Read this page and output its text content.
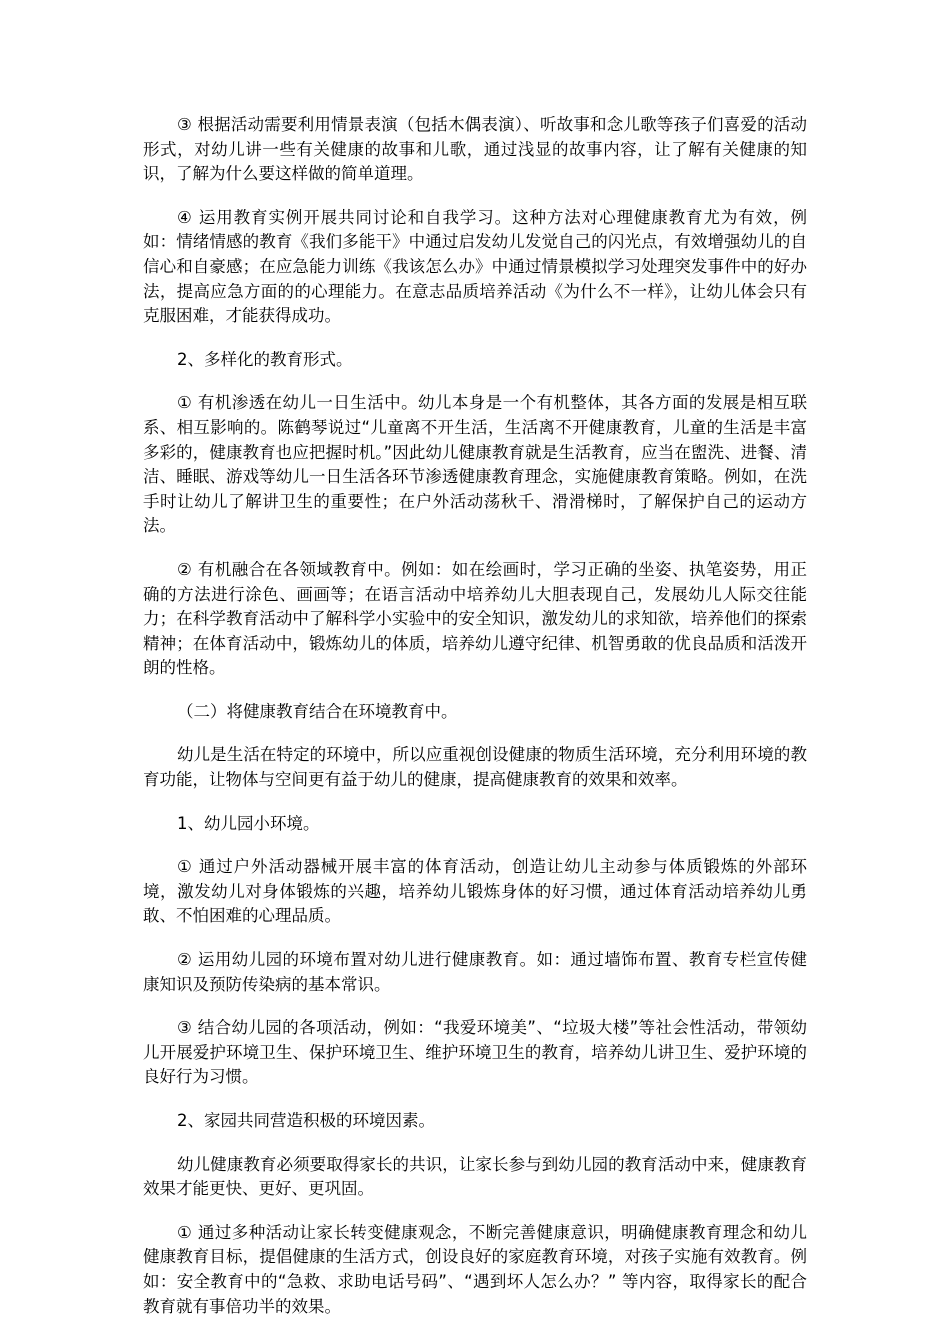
③ 根据活动需要利用情景表演（包括木偶表演）、听故事和念儿歌等孩子们喜爱的活动形式，对幼儿讲一些有关健康的故事和儿歌，通过浅显的故事内容，让了解有关健康的知识，了解为什么要这样做的简单道理。

④ 运用教育实例开展共同讨论和自我学习。这种方法对心理健康教育尤为有效，例如：情绪情感的教育《我们多能干》中通过启发幼儿发觉自己的闪光点，有效增强幼儿的自信心和自豪感；在应急能力训练《我该怎么办》中通过情景模拟学习处理突发事件中的好办法，提高应急方面的的心理能力。在意志品质培养活动《为什么不一样》，让幼儿体会只有克服困难，才能获得成功。

2、多样化的教育形式。

① 有机渗透在幼儿一日生活中。幼儿本身是一个有机整体，其各方面的发展是相互联系、相互影响的。陈鹤琴说过“儿童离不开生活，生活离不开健康教育，儿童的生活是丰富多彩的，健康教育也应把握时机。”因此幼儿健康教育就是生活教育，应当在盥洗、进餐、清洁、睡眠、游戏等幼儿一日生活各环节渗透健康教育理念，实施健康教育策略。例如，在洗手时让幼儿了解讲卫生的重要性；在户外活动荡秋千、滑滑梯时，了解保护自己的运动方法。

② 有机融合在各领域教育中。例如：如在绘画时，学习正确的坐姿、执笔姿势，用正确的方法进行涂色、画画等；在语言活动中培养幼儿大胆表现自己，发展幼儿人际交往能力；在科学教育活动中了解科学小实验中的安全知识，激发幼儿的求知欲，培养他们的探索精神；在体育活动中，锻炼幼儿的体质，培养幼儿遵守纪律、机智勇敢的优良品质和活泼开朗的性格。

（二）将健康教育结合在环境教育中。

幼儿是生活在特定的环境中，所以应重视创设健康的物质生活环境，充分利用环境的教育功能，让物体与空间更有益于幼儿的健康，提高健康教育的效果和效率。

1、幼儿园小环境。

① 通过户外活动器械开展丰富的体育活动，创造让幼儿主动参与体质锻炼的外部环境，激发幼儿对身体锻炼的兴趣，培养幼儿锻炼身体的好习惯，通过体育活动培养幼儿勇敢、不怕困难的心理品质。

② 运用幼儿园的环境布置对幼儿进行健康教育。如：通过墙饰布置、教育专栏宣传健康知识及预防传染病的基本常识。

③ 结合幼儿园的各项活动，例如：“我爱环境美”、“垃圾大楼”等社会性活动，带领幼儿开展爱护环境卫生、保护环境卫生、维护环境卫生的教育，培养幼儿讲卫生、爱护环境的良好行为习惯。

2、家园共同营造积极的环境因素。

幼儿健康教育必须要取得家长的共识，让家长参与到幼儿园的教育活动中来，健康教育效果才能更快、更好、更巩固。

① 通过多种活动让家长转变健康观念，不断完善健康意识，明确健康教育理念和幼儿健康教育目标，提倡健康的生活方式，创设良好的家庭教育环境，对孩子实施有效教育。例如：安全教育中的“急救、求助电话号码”、“遇到坏人怎么办？” 等内容，取得家长的配合教育就有事倍功半的效果。
